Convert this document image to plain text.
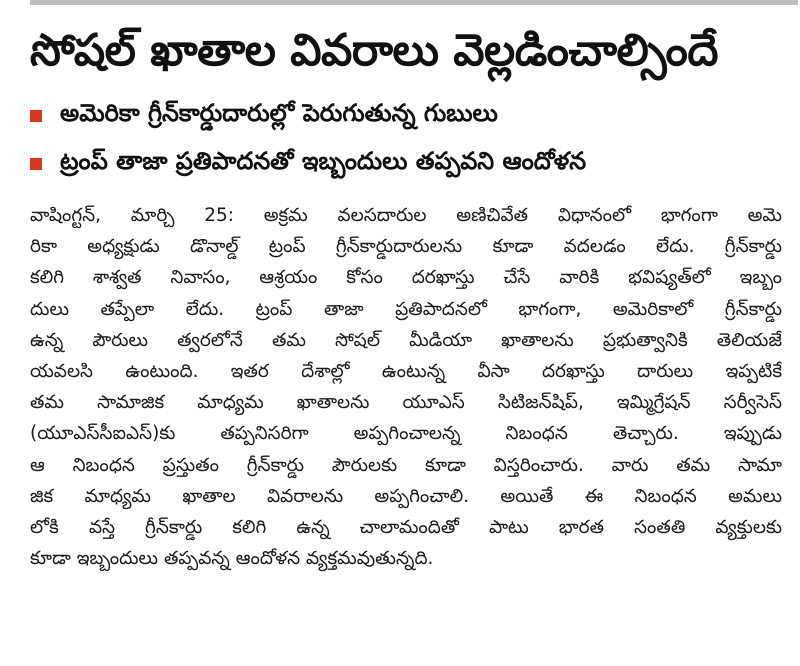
సోషల్ ఖాతాల వివరాలు వెల్లడించాల్సిందే
అమెరికా గ్రీన్‌కార్డుదారుల్లో పెరుగుతున్న గుబులు
ట్రంప్ తాజా ప్రతిపాదనతో ఇబ్బందులు తప్పవని ఆందోళన
వాషింగ్టన్, మార్చి 25: అక్రమ వలసదారుల అణిచివేత విధానంలో భాగంగా అమె
రికా అధ్యక్షుడు డొనాల్డ్ ట్రంప్ గ్రీన్‌కార్డుదారులను కూడా వదలడం లేదు. గ్రీన్‌కార్డు
కలిగి శాశ్వత నివాసం, ఆశ్రయం కోసం దరఖాస్తు చేసే వారికి భవిష్యత్‌లో ఇబ్బం
దులు తప్పేలా లేదు. ట్రంప్ తాజా ప్రతిపాదనలో భాగంగా, అమెరికాలో గ్రీన్‌కార్డు
ఉన్న పౌరులు త్వరలోనే తమ సోషల్ మీడియా ఖాతాలను ప్రభుత్వానికి తెలియజే
యవలసి ఉంటుంది. ఇతర దేశాల్లో ఉంటున్న వీసా దరఖాస్తు దారులు ఇప్పటికే
తమ సామాజిక మాధ్యమ ఖాతాలను యూఎస్ సిటిజన్‌షిప్, ఇమ్మిగ్రేషన్ సర్వీసెస్
(యూఎస్‌సీఐఎస్)కు తప్పనిసరిగా అప్పగించాలన్న నిబంధన తెచ్చారు. ఇప్పుడు
ఆ నిబంధన ప్రస్తుతం గ్రీన్‌కార్డు పౌరులకు కూడా విస్తరించారు. వారు తమ సామా
జిక మాధ్యమ ఖాతాల వివరాలను అప్పగించాలి. అయితే ఈ నిబంధన అమలు
లోకి వస్తే గ్రీన్‌కార్డు కలిగి ఉన్న చాలామందితో పాటు భారత సంతతి వ్యక్తులకు
కూడా ఇబ్బందులు తప్పవన్న ఆందోళన వ్యక్తమవుతున్నది.
